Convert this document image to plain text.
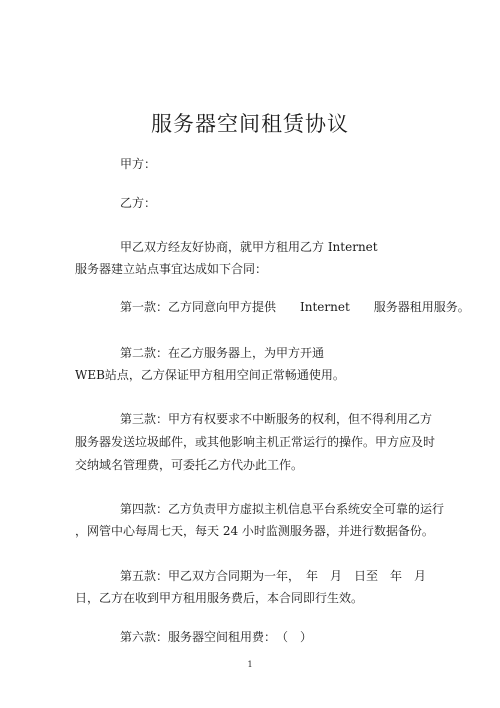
服务器空间租赁协议
甲方：
乙方：
甲乙双方经友好协商，就甲方租用乙方 Internet
服务器建立站点事宜达成如下合同：
第一款：乙方同意向甲方提供　　Internet　　服务器租用服务。
第二款：在乙方服务器上，为甲方开通
WEB站点，乙方保证甲方租用空间正常畅通使用。
第三款：甲方有权要求不中断服务的权利，但不得利用乙方
服务器发送垃圾邮件，或其他影响主机正常运行的操作。甲方应及时
交纳域名管理费，可委托乙方代办此工作。
第四款：乙方负责甲方虚拟主机信息平台系统安全可靠的运行
，网管中心每周七天，每天 24 小时监测服务器，并进行数据备份。
第五款：甲乙双方合同期为一年，　年　月　日至　年　月
日，乙方在收到甲方租用服务费后，本合同即行生效。
第六款：服务器空间租用费：　（　）
1
